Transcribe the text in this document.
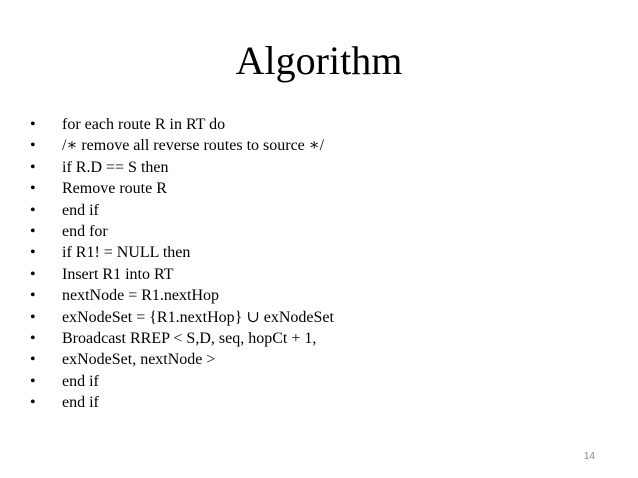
Algorithm
•	for each route R in RT do
•	/∗ remove all reverse routes to source ∗/
•	if R.D == S then
•	Remove route R
•	end if
•	end for
•	if R1! = NULL then
•	Insert R1 into RT
•	nextNode = R1.nextHop
•	exNodeSet = {R1.nextHop} ∪ exNodeSet
•	Broadcast RREP < S,D, seq, hopCt + 1,
•	exNodeSet, nextNode >
•	end if
•	end if
14
